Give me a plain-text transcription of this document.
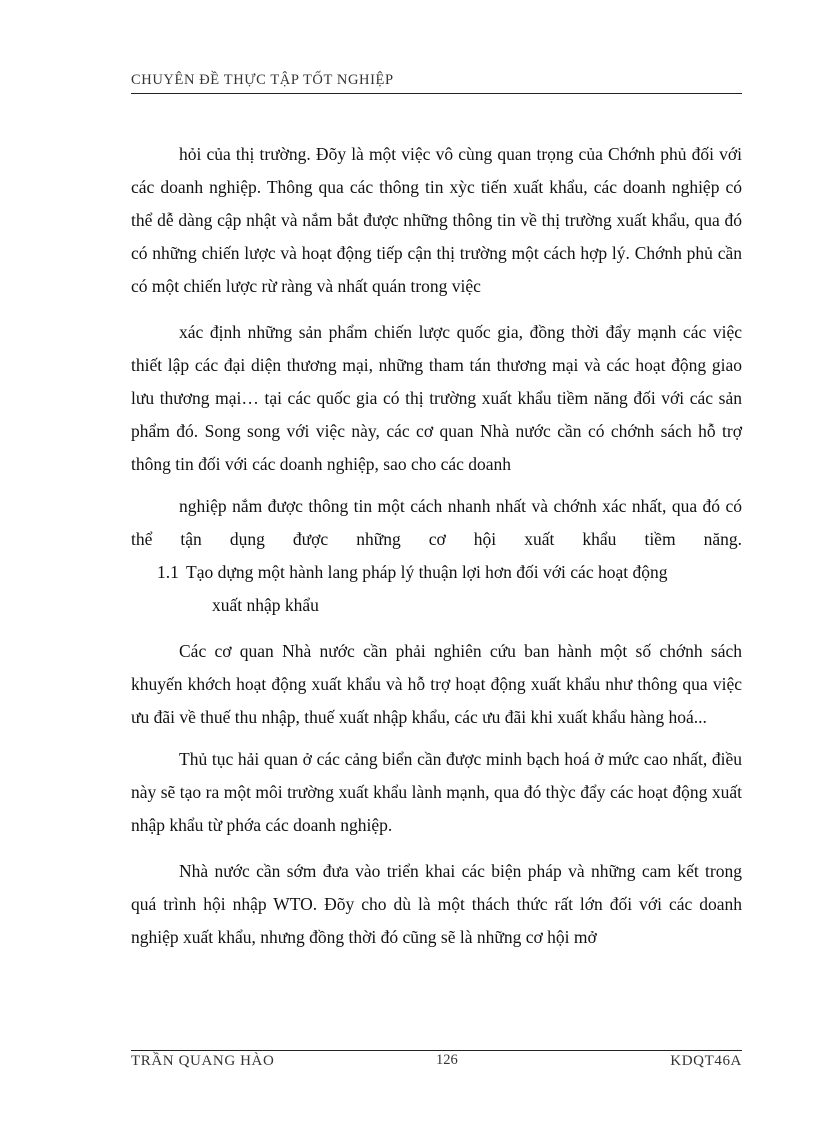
CHUYÊN ĐỀ THỰC TẬP TỐT NGHIỆP

hỏi của thị trường. Đõy là một việc vô cùng quan trọng của Chớnh phủ đối với các doanh nghiệp. Thông qua các thông tin xỳc tiến xuất khẩu, các doanh nghiệp có thể dễ dàng cập nhật và nắm bắt được những thông tin về thị trường xuất khẩu, qua đó có những chiến lược và hoạt động tiếp cận thị trường một cách hợp lý. Chớnh phủ cần có một chiến lược rừ ràng và nhất quán trong việc

xác định những sản phẩm chiến lược quốc gia, đồng thời đẩy mạnh các việc thiết lập các đại diện thương mại, những tham tán thương mại và các hoạt động giao lưu thương mại… tại các quốc gia có thị trường xuất khẩu tiềm năng đối với các sản phẩm đó. Song song với việc này, các cơ quan Nhà nước cần có chớnh sách hỗ trợ thông tin đối với các doanh nghiệp, sao cho các doanh

nghiệp nắm được thông tin một cách nhanh nhất và chớnh xác nhất, qua đó có thể tận dụng được những cơ hội xuất khẩu tiềm năng.

1.1 Tạo dựng một hành lang pháp lý thuận lợi hơn đối với các hoạt động

xuất nhập khẩu

Các cơ quan Nhà nước cần phải nghiên cứu ban hành một số chớnh sách khuyến khớch hoạt động xuất khẩu và hỗ trợ hoạt động xuất khẩu như thông qua việc ưu đãi về thuế thu nhập, thuế xuất nhập khẩu, các ưu đãi khi xuất khẩu hàng hoá...

Thủ tục hải quan ở các cảng biển cần được minh bạch hoá ở mức cao nhất, điều này sẽ tạo ra một môi trường xuất khẩu lành mạnh, qua đó thỳc đẩy các hoạt động xuất nhập khẩu từ phớa các doanh nghiệp.

Nhà nước cần sớm đưa vào triển khai các biện pháp và những cam kết trong quá trình hội nhập WTO. Đõy cho dù là một thách thức rất lớn đối với các doanh nghiệp xuất khẩu, nhưng đồng thời đó cũng sẽ là những cơ hội mở

TRẦN QUANG HÀO	126	KDQT46A
